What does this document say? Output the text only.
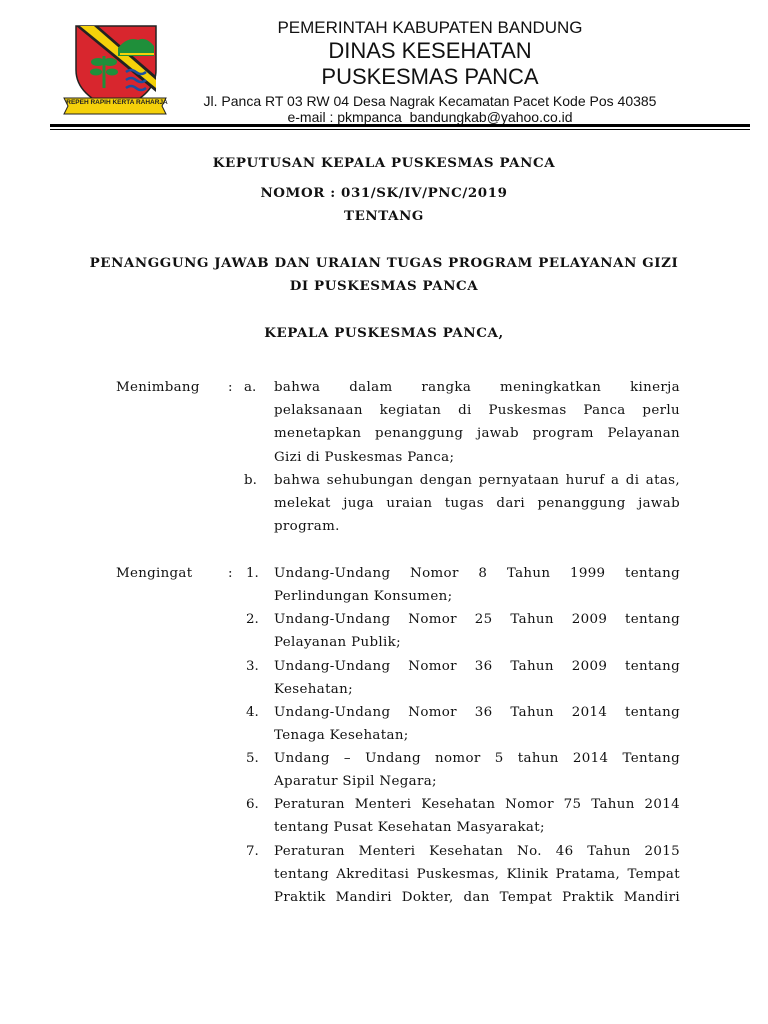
REPEH RAPIH KERTA RAHARJA
PEMERINTAH KABUPATEN BANDUNG
DINAS KESEHATAN
PUSKESMAS PANCA
Jl. Panca RT 03 RW 04 Desa Nagrak Kecamatan Pacet Kode Pos 40385
e-mail : pkmpanca_bandungkab@yahoo.co.id
KEPUTUSAN KEPALA PUSKESMAS PANCA
NOMOR : 031/SK/IV/PNC/2019
TENTANG
PENANGGUNG JAWAB DAN URAIAN TUGAS PROGRAM PELAYANAN GIZI
DI PUSKESMAS PANCA
KEPALA PUSKESMAS PANCA,
Menimbang : a.	bahwa dalam rangka meningkatkan kinerja
pelaksanaan kegiatan di Puskesmas Panca perlu
menetapkan penanggung jawab program Pelayanan
Gizi di Puskesmas Panca;
b.	bahwa sehubungan dengan pernyataan huruf a di atas,
melekat juga uraian tugas dari penanggung jawab
program.
Mengingat	: 1.	Undang-Undang Nomor 8 Tahun 1999 tentang
Perlindungan Konsumen;
2.	Undang-Undang Nomor 25 Tahun 2009 tentang
Pelayanan Publik;
3.	Undang-Undang Nomor 36 Tahun 2009 tentang
Kesehatan;
4.	Undang-Undang Nomor 36 Tahun 2014 tentang
Tenaga Kesehatan;
5.	Undang – Undang nomor 5 tahun 2014 Tentang
Aparatur Sipil Negara;
6.	Peraturan Menteri Kesehatan Nomor 75 Tahun 2014
tentang Pusat Kesehatan Masyarakat;
7.	Peraturan Menteri Kesehatan No. 46 Tahun 2015
tentang Akreditasi Puskesmas, Klinik Pratama, Tempat
Praktik Mandiri Dokter, dan Tempat Praktik Mandiri
